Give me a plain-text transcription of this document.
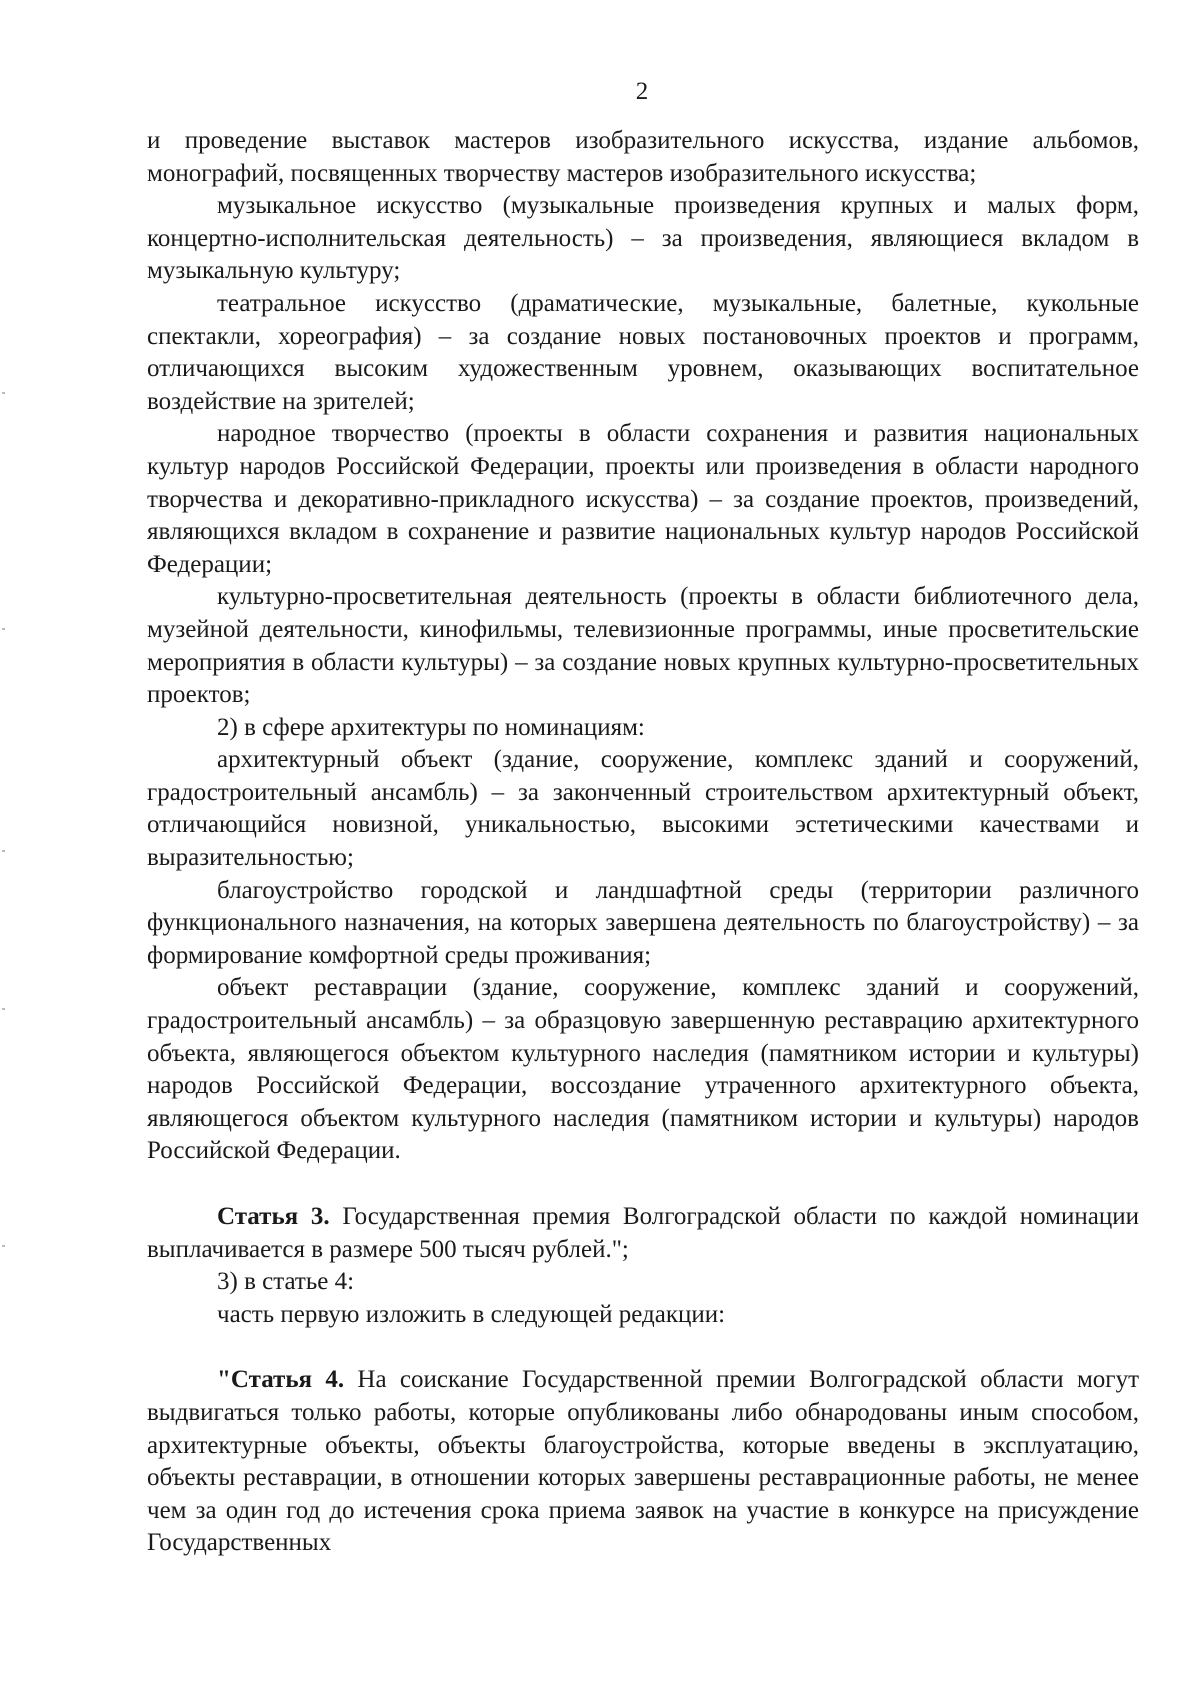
2

и проведение выставок мастеров изобразительного искусства, издание альбомов, монографий, посвященных творчеству мастеров изобразительного искусства;

музыкальное искусство (музыкальные произведения крупных и малых форм, концертно-исполнительская деятельность) – за произведения, являющиеся вкладом в музыкальную культуру;

театральное искусство (драматические, музыкальные, балетные, кукольные спектакли, хореография) – за создание новых постановочных проектов и программ, отличающихся высоким художественным уровнем, оказывающих воспитательное воздействие на зрителей;

народное творчество (проекты в области сохранения и развития национальных культур народов Российской Федерации, проекты или произведения в области народного творчества и декоративно-прикладного искусства) – за создание проектов, произведений, являющихся вкладом в сохранение и развитие национальных культур народов Российской Федерации;

культурно-просветительная деятельность (проекты в области библиотечного дела, музейной деятельности, кинофильмы, телевизионные программы, иные просветительские мероприятия в области культуры) – за создание новых крупных культурно-просветительных проектов;

2) в сфере архитектуры по номинациям:

архитектурный объект (здание, сооружение, комплекс зданий и сооружений, градостроительный ансамбль) – за законченный строительством архитектурный объект, отличающийся новизной, уникальностью, высокими эстетическими качествами и выразительностью;

благоустройство городской и ландшафтной среды (территории различного функционального назначения, на которых завершена деятельность по благоустройству) – за формирование комфортной среды проживания;

объект реставрации (здание, сооружение, комплекс зданий и сооружений, градостроительный ансамбль) – за образцовую завершенную реставрацию архитектурного объекта, являющегося объектом культурного наследия (памятником истории и культуры) народов Российской Федерации, воссоздание утраченного архитектурного объекта, являющегося объектом культурного наследия (памятником истории и культуры) народов Российской Федерации.

Статья 3. Государственная премия Волгоградской области по каждой номинации выплачивается в размере 500 тысяч рублей.";

3) в статье 4:

часть первую изложить в следующей редакции:

"Статья 4. На соискание Государственной премии Волгоградской области могут выдвигаться только работы, которые опубликованы либо обнародованы иным способом, архитектурные объекты, объекты благоустройства, которые введены в эксплуатацию, объекты реставрации, в отношении которых завершены реставрационные работы, не менее чем за один год до истечения срока приема заявок на участие в конкурсе на присуждение Государственных
